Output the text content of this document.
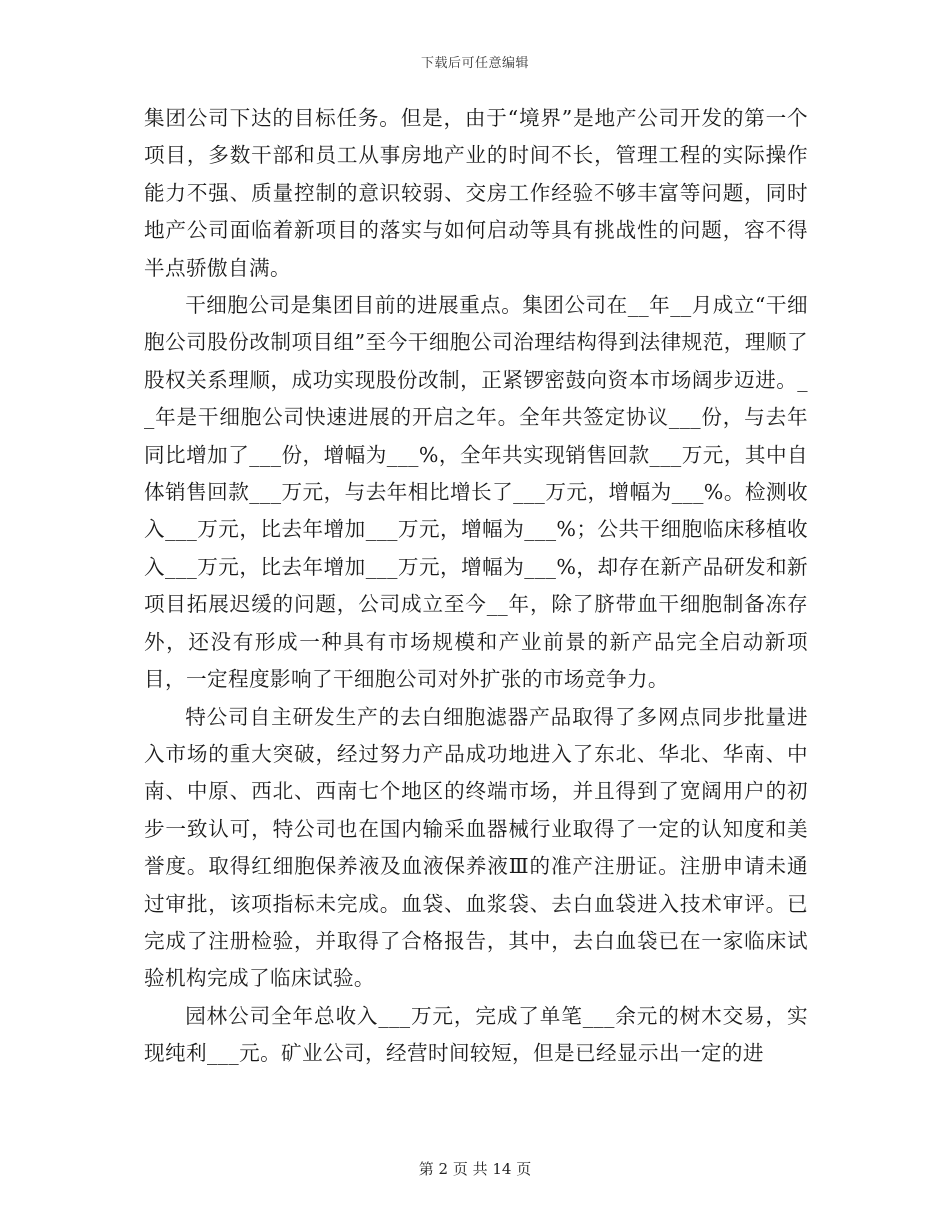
下载后可任意编辑

集团公司下达的目标任务。但是，由于“境界”是地产公司开发的第一个项目，多数干部和员工从事房地产业的时间不长，管理工程的实际操作能力不强、质量控制的意识较弱、交房工作经验不够丰富等问题，同时地产公司面临着新项目的落实与如何启动等具有挑战性的问题，容不得半点骄傲自满。

干细胞公司是集团目前的进展重点。集团公司在__年__月成立“干细胞公司股份改制项目组”至今干细胞公司治理结构得到法律规范，理顺了股权关系理顺，成功实现股份改制，正紧锣密鼓向资本市场阔步迈进。__年是干细胞公司快速进展的开启之年。全年共签定协议___份，与去年同比增加了___份，增幅为___%，全年共实现销售回款___万元，其中自体销售回款___万元，与去年相比增长了___万元，增幅为___%。检测收入___万元，比去年增加___万元，增幅为___%；公共干细胞临床移植收入___万元，比去年增加___万元，增幅为___%，却存在新产品研发和新项目拓展迟缓的问题，公司成立至今__年，除了脐带血干细胞制备冻存外，还没有形成一种具有市场规模和产业前景的新产品完全启动新项目，一定程度影响了干细胞公司对外扩张的市场竞争力。

特公司自主研发生产的去白细胞滤器产品取得了多网点同步批量进入市场的重大突破，经过努力产品成功地进入了东北、华北、华南、中南、中原、西北、西南七个地区的终端市场，并且得到了宽阔用户的初步一致认可，特公司也在国内输采血器械行业取得了一定的认知度和美誉度。取得红细胞保养液及血液保养液Ⅲ的准产注册证。注册申请未通过审批，该项指标未完成。血袋、血浆袋、去白血袋进入技术审评。已完成了注册检验，并取得了合格报告，其中，去白血袋已在一家临床试验机构完成了临床试验。

园林公司全年总收入___万元，完成了单笔___余元的树木交易，实现纯利___元。矿业公司，经营时间较短，但是已经显示出一定的进

第 2 页 共 14 页
